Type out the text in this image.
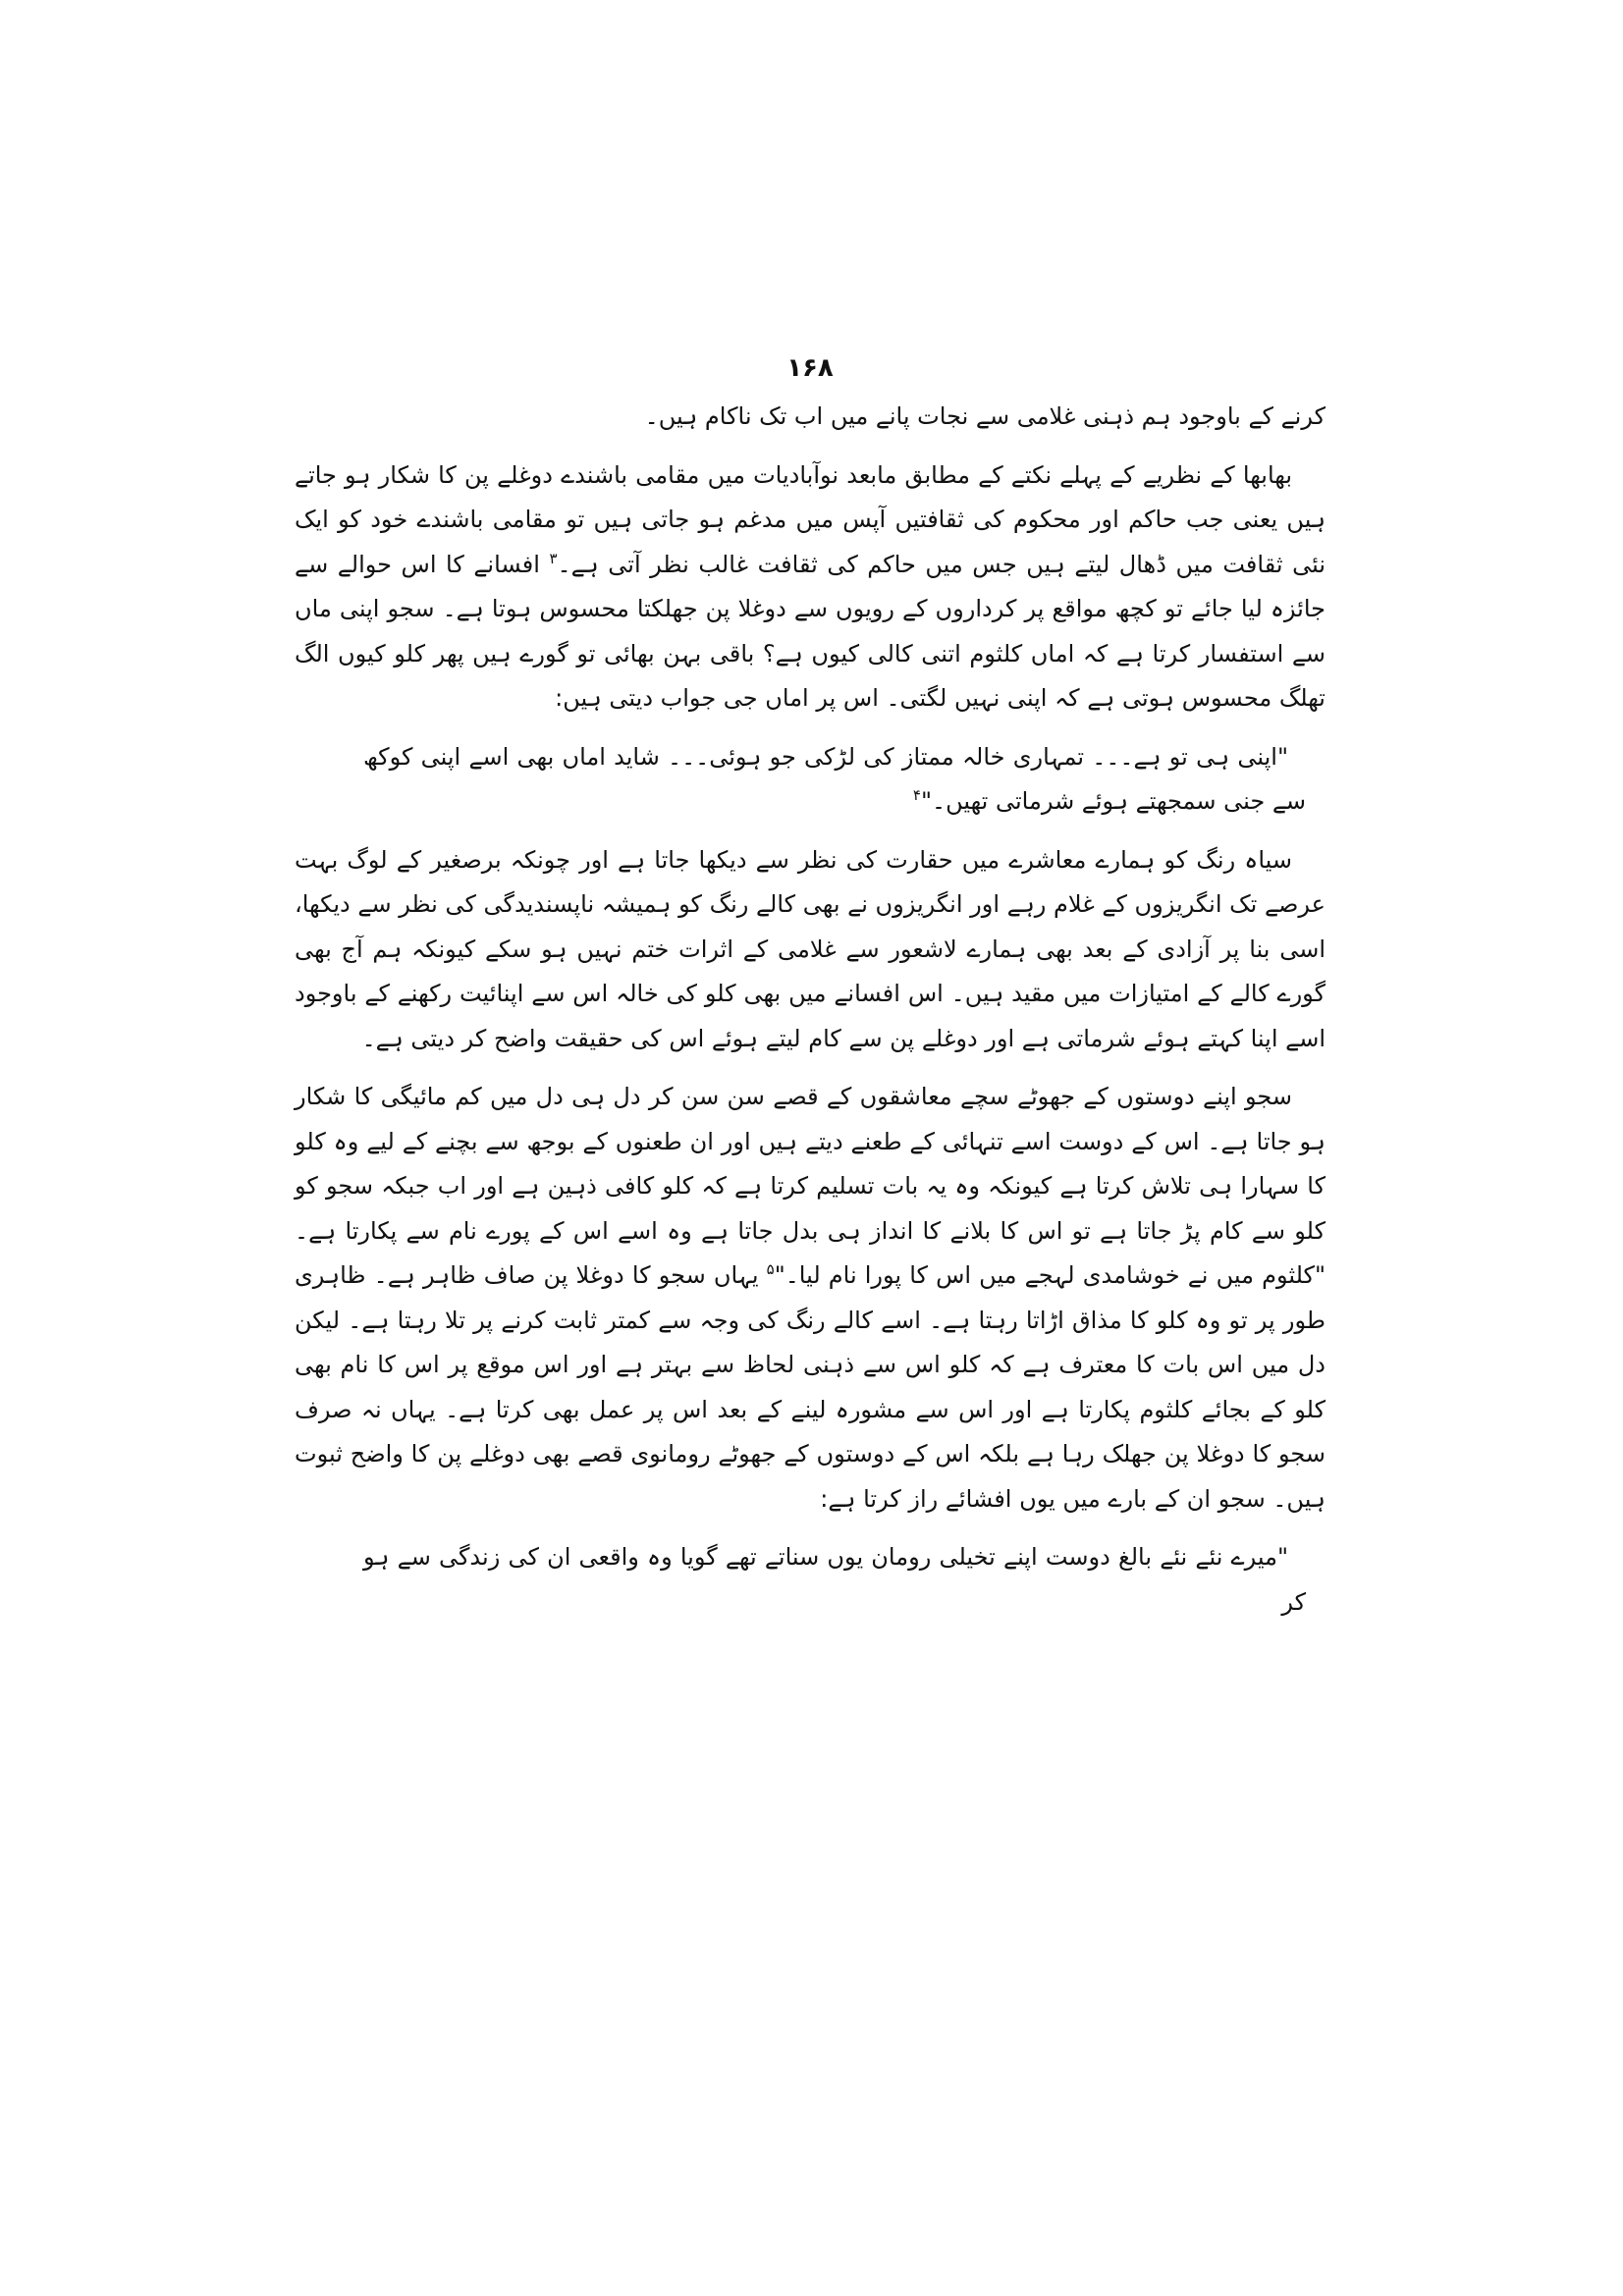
۱۶۸

کرنے کے باوجود ہم ذہنی غلامی سے نجات پانے میں اب تک ناکام ہیں۔

بھابھا کے نظریے کے پہلے نکتے کے مطابق مابعد نوآبادیات میں مقامی باشندے دوغلے پن کا شکار ہو جاتے ہیں یعنی جب حاکم اور محکوم کی ثقافتیں آپس میں مدغم ہو جاتی ہیں تو مقامی باشندے خود کو ایک نئی ثقافت میں ڈھال لیتے ہیں جس میں حاکم کی ثقافت غالب نظر آتی ہے۔$^۳$ افسانے کا اس حوالے سے جائزہ لیا جائے تو کچھ مواقع پر کرداروں کے رویوں سے دوغلا پن جھلکتا محسوس ہوتا ہے۔ سجو اپنی ماں سے استفسار کرتا ہے کہ اماں کلثوم اتنی کالی کیوں ہے؟ باقی بہن بھائی تو گورے ہیں پھر کلو کیوں الگ تھلگ محسوس ہوتی ہے کہ اپنی نہیں لگتی۔ اس پر اماں جی جواب دیتی ہیں:

"اپنی ہی تو ہے۔۔۔ تمہاری خالہ ممتاز کی لڑکی جو ہوئی۔۔۔ شاید اماں بھی اسے اپنی کوکھ سے جنی سمجھتے ہوئے شرماتی تھیں۔"$^۴$

سیاہ رنگ کو ہمارے معاشرے میں حقارت کی نظر سے دیکھا جاتا ہے اور چونکہ برصغیر کے لوگ بہت عرصے تک انگریزوں کے غلام رہے اور انگریزوں نے بھی کالے رنگ کو ہمیشہ ناپسندیدگی کی نظر سے دیکھا، اسی بنا پر آزادی کے بعد بھی ہمارے لاشعور سے غلامی کے اثرات ختم نہیں ہو سکے کیونکہ ہم آج بھی گورے کالے کے امتیازات میں مقید ہیں۔ اس افسانے میں بھی کلو کی خالہ اس سے اپنائیت رکھنے کے باوجود اسے اپنا کہتے ہوئے شرماتی ہے اور دوغلے پن سے کام لیتے ہوئے اس کی حقیقت واضح کر دیتی ہے۔

سجو اپنے دوستوں کے جھوٹے سچے معاشقوں کے قصے سن سن کر دل ہی دل میں کم مائیگی کا شکار ہو جاتا ہے۔ اس کے دوست اسے تنہائی کے طعنے دیتے ہیں اور ان طعنوں کے بوجھ سے بچنے کے لیے وہ کلو کا سہارا ہی تلاش کرتا ہے کیونکہ وہ یہ بات تسلیم کرتا ہے کہ کلو کافی ذہین ہے اور اب جبکہ سجو کو کلو سے کام پڑ جاتا ہے تو اس کا بلانے کا انداز ہی بدل جاتا ہے وہ اسے اس کے پورے نام سے پکارتا ہے۔ "کلثوم میں نے خوشامدی لہجے میں اس کا پورا نام لیا۔"$^۵$ یہاں سجو کا دوغلا پن صاف ظاہر ہے۔ ظاہری طور پر تو وہ کلو کا مذاق اڑاتا رہتا ہے۔ اسے کالے رنگ کی وجہ سے کمتر ثابت کرنے پر تلا رہتا ہے۔ لیکن دل میں اس بات کا معترف ہے کہ کلو اس سے ذہنی لحاظ سے بہتر ہے اور اس موقع پر اس کا نام بھی کلو کے بجائے کلثوم پکارتا ہے اور اس سے مشورہ لینے کے بعد اس پر عمل بھی کرتا ہے۔ یہاں نہ صرف سجو کا دوغلا پن جھلک رہا ہے بلکہ اس کے دوستوں کے جھوٹے رومانوی قصے بھی دوغلے پن کا واضح ثبوت ہیں۔ سجو ان کے بارے میں یوں افشائے راز کرتا ہے:

"میرے نئے نئے بالغ دوست اپنے تخیلی رومان یوں سناتے تھے گویا وہ واقعی ان کی زندگی سے ہو کر
